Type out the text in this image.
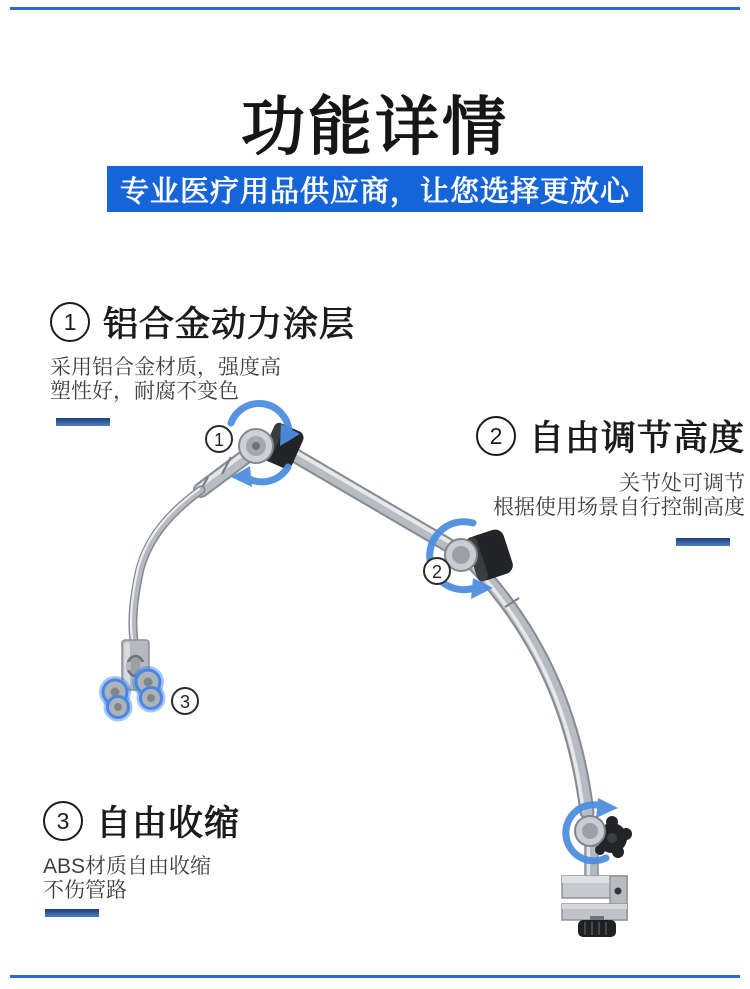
功能详情
专业医疗用品供应商，让您选择更放心
1
2
3
1 铝合金动力涂层
采用铝合金材质，强度高
塑性好，耐腐不变色
2 自由调节高度
关节处可调节
根据使用场景自行控制高度
3 自由收缩
ABS材质自由收缩
不伤管路
